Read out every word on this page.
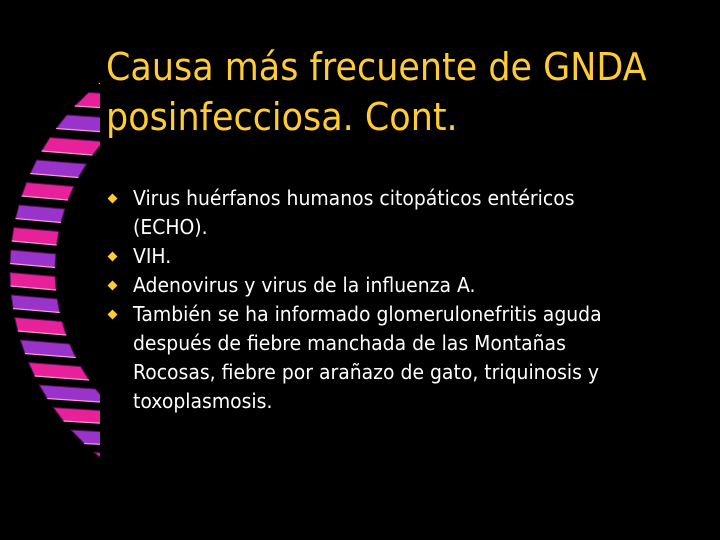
Causa más frecuente de GNDA
posinfecciosa. Cont.
Virus huérfanos humanos citopáticos entéricos
(ECHO).
VIH.
Adenovirus y virus de la influenza A.
También se ha informado glomerulonefritis aguda
después de fiebre manchada de las Montañas
Rocosas, fiebre por arañazo de gato, triquinosis y
toxoplasmosis.
